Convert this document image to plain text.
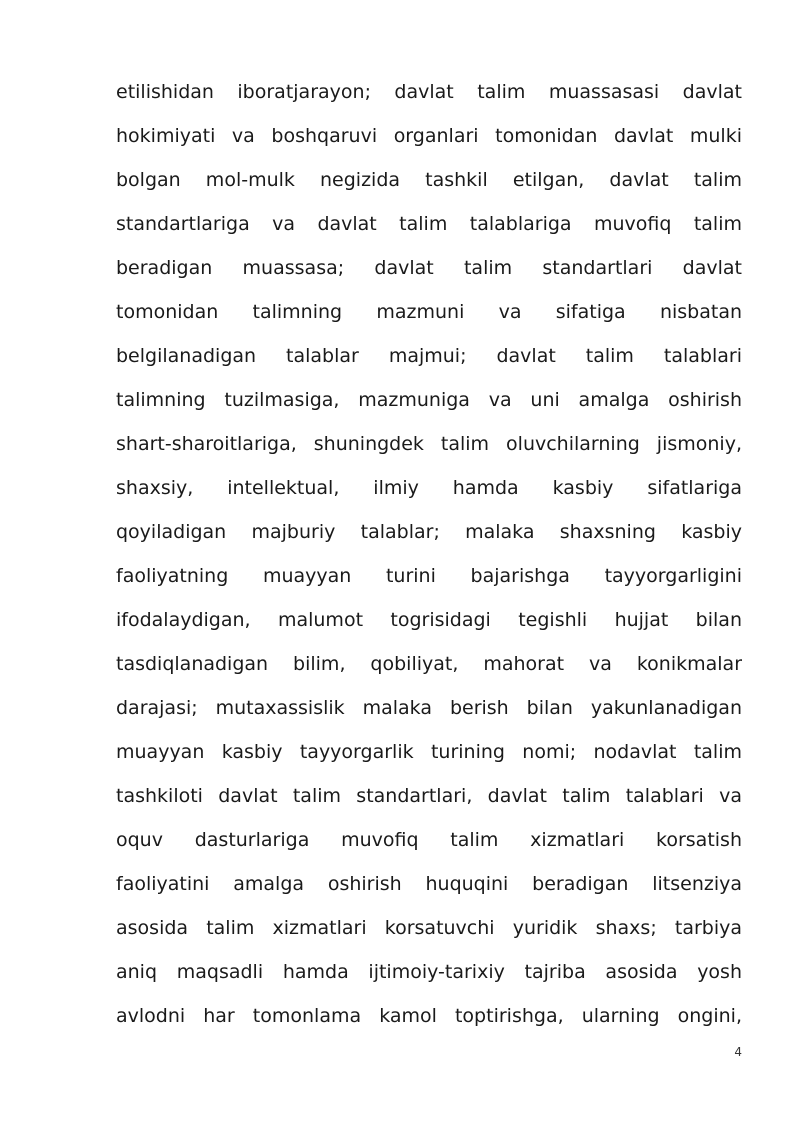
etilishidan iboratjarayon; davlat talim muassasasi davlat
hokimiyati va boshqaruvi organlari tomonidan davlat mulki
bolgan mol-mulk negizida tashkil etilgan, davlat talim
standartlariga va davlat talim talablariga muvofiq talim
beradigan muassasa; davlat talim standartlari davlat
tomonidan talimning mazmuni va sifatiga nisbatan
belgilanadigan talablar majmui; davlat talim talablari
talimning tuzilmasiga, mazmuniga va uni amalga oshirish
shart-sharoitlariga, shuningdek talim oluvchilarning jismoniy,
shaxsiy, intellektual, ilmiy hamda kasbiy sifatlariga
qoyiladigan majburiy talablar; malaka shaxsning kasbiy
faoliyatning muayyan turini bajarishga tayyorgarligini
ifodalaydigan, malumot togrisidagi tegishli hujjat bilan
tasdiqlanadigan bilim, qobiliyat, mahorat va konikmalar
darajasi; mutaxassislik malaka berish bilan yakunlanadigan
muayyan kasbiy tayyorgarlik turining nomi; nodavlat talim
tashkiloti davlat talim standartlari, davlat talim talablari va
oquv dasturlariga muvofiq talim xizmatlari korsatish
faoliyatini amalga oshirish huquqini beradigan litsenziya
asosida talim xizmatlari korsatuvchi yuridik shaxs; tarbiya
aniq maqsadli hamda ijtimoiy-tarixiy tajriba asosida yosh
avlodni har tomonlama kamol toptirishga, ularning ongini,
4
